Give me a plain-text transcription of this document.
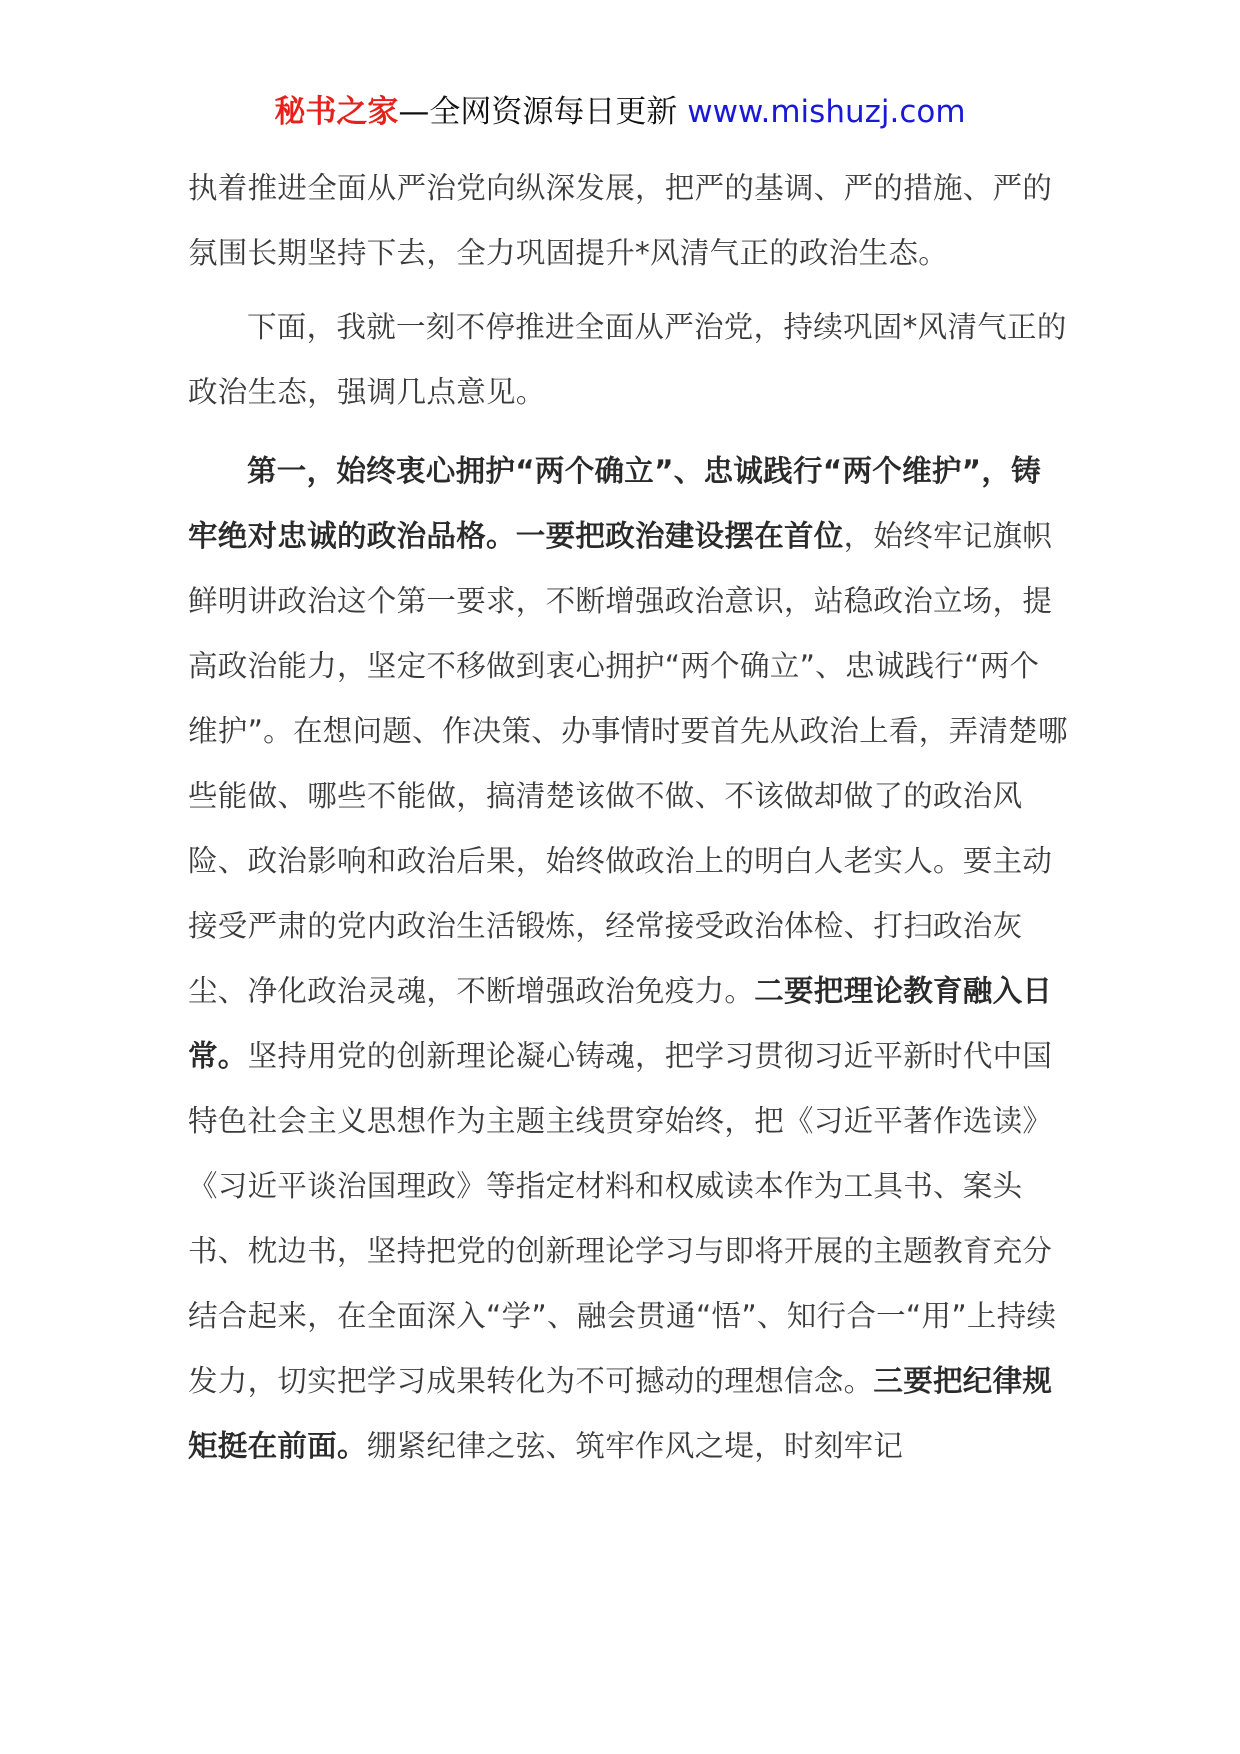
秘书之家—全网资源每日更新 www.mishuzj.com

执着推进全面从严治党向纵深发展，把严的基调、严的措施、严的氛围长期坚持下去，全力巩固提升*风清气正的政治生态。

下面，我就一刻不停推进全面从严治党，持续巩固*风清气正的政治生态，强调几点意见。

第一，始终衷心拥护“两个确立”、忠诚践行“两个维护”，铸牢绝对忠诚的政治品格。一要把政治建设摆在首位，始终牢记旗帜鲜明讲政治这个第一要求，不断增强政治意识，站稳政治立场，提高政治能力，坚定不移做到衷心拥护“两个确立”、忠诚践行“两个维护”。在想问题、作决策、办事情时要首先从政治上看，弄清楚哪些能做、哪些不能做，搞清楚该做不做、不该做却做了的政治风险、政治影响和政治后果，始终做政治上的明白人老实人。要主动接受严肃的党内政治生活锻炼，经常接受政治体检、打扫政治灰尘、净化政治灵魂，不断增强政治免疫力。二要把理论教育融入日常。坚持用党的创新理论凝心铸魂，把学习贯彻习近平新时代中国特色社会主义思想作为主题主线贯穿始终，把《习近平著作选读》《习近平谈治国理政》等指定材料和权威读本作为工具书、案头书、枕边书，坚持把党的创新理论学习与即将开展的主题教育充分结合起来，在全面深入“学”、融会贯通“悟”、知行合一“用”上持续发力，切实把学习成果转化为不可撼动的理想信念。三要把纪律规矩挺在前面。绷紧纪律之弦、筑牢作风之堤，时刻牢记
